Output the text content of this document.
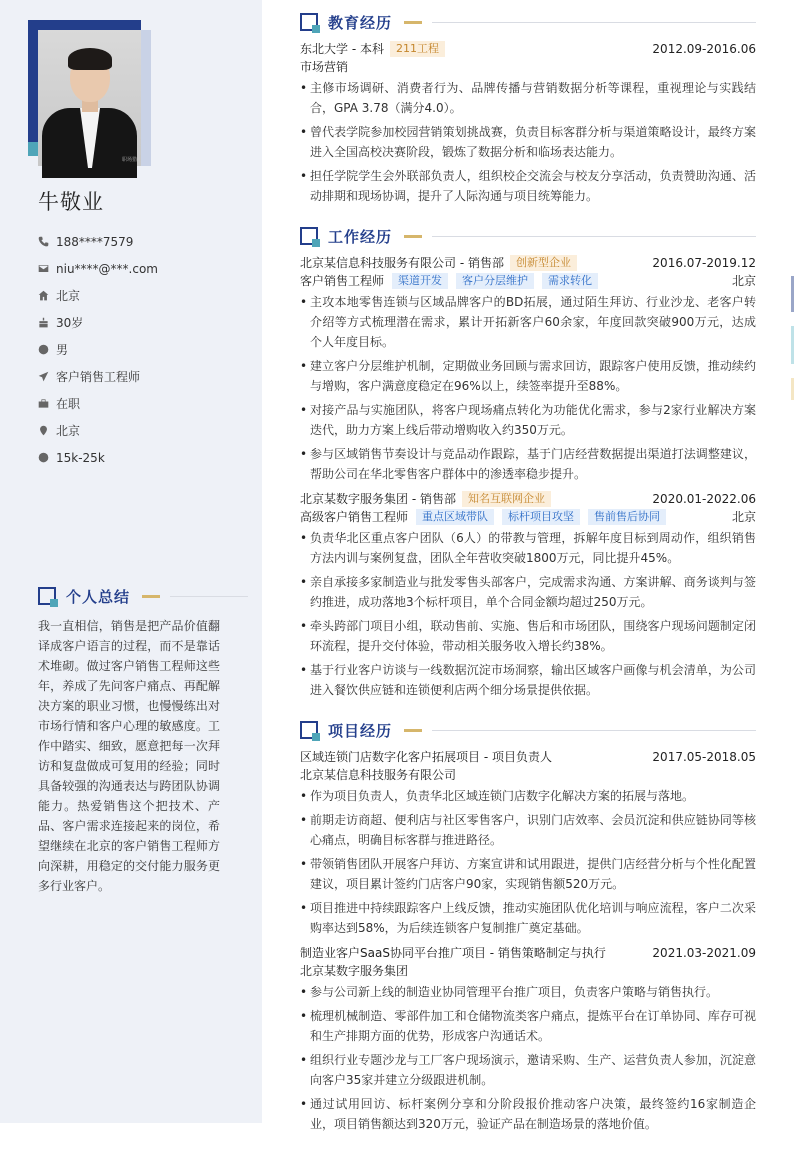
职场猎
牛敬业
188****7579
niu****@***.com
北京
30岁
男
客户销售工程师
在职
北京
15k-25k
个人总结
我一直相信，销售是把产品价值翻译成客户语言的过程，而不是靠话术堆砌。做过客户销售工程师这些年，养成了先问客户痛点、再配解决方案的职业习惯，也慢慢练出对市场行情和客户心理的敏感度。工作中踏实、细致，愿意把每一次拜访和复盘做成可复用的经验；同时具备较强的沟通表达与跨团队协调能力。热爱销售这个把技术、产品、客户需求连接起来的岗位，希望继续在北京的客户销售工程师方向深耕，用稳定的交付能力服务更多行业客户。
教育经历
东北大学 - 本科	211工程	2012.09-2016.06
市场营销
• 主修市场调研、消费者行为、品牌传播与营销数据分析等课程，重视理论与实践结合，GPA 3.78（满分4.0）。
• 曾代表学院参加校园营销策划挑战赛，负责目标客群分析与渠道策略设计，最终方案进入全国高校决赛阶段，锻炼了数据分析和临场表达能力。
• 担任学院学生会外联部负责人，组织校企交流会与校友分享活动，负责赞助沟通、活动排期和现场协调，提升了人际沟通与项目统筹能力。
工作经历
北京某信息科技服务有限公司 - 销售部	创新型企业	2016.07-2019.12
客户销售工程师	渠道开发	客户分层维护	需求转化	北京
• 主攻本地零售连锁与区域品牌客户的BD拓展，通过陌生拜访、行业沙龙、老客户转介绍等方式梳理潜在需求，累计开拓新客户60余家，年度回款突破900万元，达成个人年度目标。
• 建立客户分层维护机制，定期做业务回顾与需求回访，跟踪客户使用反馈，推动续约与增购，客户满意度稳定在96%以上，续签率提升至88%。
• 对接产品与实施团队，将客户现场痛点转化为功能优化需求，参与2家行业解决方案迭代，助力方案上线后带动增购收入约350万元。
• 参与区域销售节奏设计与竞品动作跟踪，基于门店经营数据提出渠道打法调整建议，帮助公司在华北零售客户群体中的渗透率稳步提升。
北京某数字服务集团 - 销售部	知名互联网企业	2020.01-2022.06
高级客户销售工程师	重点区域带队	标杆项目攻坚	售前售后协同	北京
• 负责华北区重点客户团队（6人）的带教与管理，拆解年度目标到周动作，组织销售方法内训与案例复盘，团队全年营收突破1800万元，同比提升45%。
• 亲自承接多家制造业与批发零售头部客户，完成需求沟通、方案讲解、商务谈判与签约推进，成功落地3个标杆项目，单个合同金额均超过250万元。
• 牵头跨部门项目小组，联动售前、实施、售后和市场团队，围绕客户现场问题制定闭环流程，提升交付体验，带动相关服务收入增长约38%。
• 基于行业客户访谈与一线数据沉淀市场洞察，输出区域客户画像与机会清单，为公司进入餐饮供应链和连锁便利店两个细分场景提供依据。
项目经历
区域连锁门店数字化客户拓展项目 - 项目负责人	2017.05-2018.05
北京某信息科技服务有限公司
• 作为项目负责人，负责华北区域连锁门店数字化解决方案的拓展与落地。
• 前期走访商超、便利店与社区零售客户，识别门店效率、会员沉淀和供应链协同等核心痛点，明确目标客群与推进路径。
• 带领销售团队开展客户拜访、方案宣讲和试用跟进，提供门店经营分析与个性化配置建议，项目累计签约门店客户90家，实现销售额520万元。
• 项目推进中持续跟踪客户上线反馈，推动实施团队优化培训与响应流程，客户二次采购率达到58%，为后续连锁客户复制推广奠定基础。
制造业客户SaaS协同平台推广项目 - 销售策略制定与执行	2021.03-2021.09
北京某数字服务集团
• 参与公司新上线的制造业协同管理平台推广项目，负责客户策略与销售执行。
• 梳理机械制造、零部件加工和仓储物流类客户痛点，提炼平台在订单协同、库存可视和生产排期方面的优势，形成客户沟通话术。
• 组织行业专题沙龙与工厂客户现场演示，邀请采购、生产、运营负责人参加，沉淀意向客户35家并建立分级跟进机制。
• 通过试用回访、标杆案例分享和分阶段报价推动客户决策，最终签约16家制造企业，项目销售额达到320万元，验证产品在制造场景的落地价值。
